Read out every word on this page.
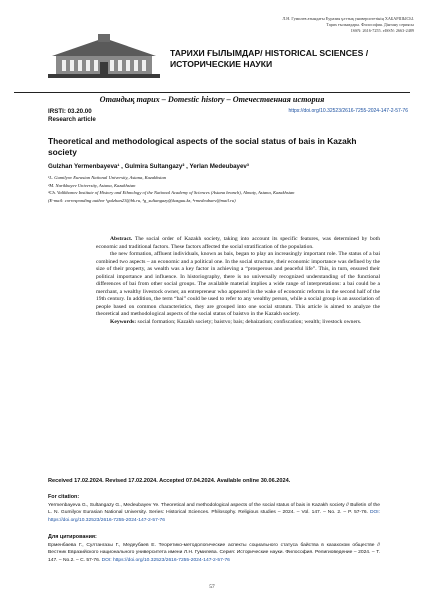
Л.Н. Гумилев атындағы Еуразия ұлттық университетінің ХАБАРШЫСЫ.
Тарих ғылымдары. Философия. Дінтану сериясы
ISSN: 2616-7255. eISSN: 2663-2489
ТАРИХИ ҒЫЛЫМДАР/ HISTORICAL SCIENCES / ИСТОРИЧЕСКИЕ НАУКИ
Отандық тарих – Domestic history – Отечественная история
IRSTI: 03.20.00	https://doi.org/10.32523/2616-7255-2024-147-2-57-76
Research article
Theoretical and methodological aspects of the social status of bais in Kazakh society
Gulzhan Yermenbayeva¹ , Gulmira Sultangazy² , Yerlan Medeubayev³
¹L. Gumilyov Eurasian National University, Astana, Kazakhstan
²M. Narikbayev University, Astana, Kazakhstan
³Ch. Valikhanov Institute of History and Ethnology of the National Academy of Sciences (Astana branch), Almaty, Astana, Kazakhstan
(E-mail: corresponding author ¹gulzhan23@bk.ru, ²g_sultangazy@kazguu.kz, ³rmedeubaev@mail.ru)

Abstract. The social order of Kazakh society, taking into account its specific features, was determined by both economic and traditional factors. These factors affected the social stratification of the population.

the new formation, affluent individuals, known as bais, began to play an increasingly important role. The status of a bai combined two aspects – an economic and a political one. In the social structure, their economic importance was defined by the size of their property, as wealth was a key factor in achieving a “prosperous and peaceful life”. This, in turn, ensured their political importance and influence. In historiography, there is no universally recognized understanding of the functional differences of bai from other social groups. The available material implies a wide range of interpretations: a bai could be a merchant, a wealthy livestock owner, an entrepreneur who appeared in the wake of economic reforms in the second half of the 19th century. In addition, the term “bai” could be used to refer to any wealthy person, while a social group is an association of people based on common characteristics, they are grouped into one social stratum. This article is aimed to analyze the theoretical and methodological aspects of the social status of baistvo in the Kazakh society.

Keywords: social formation; Kazakh society; baistvo; bais; debaization; confiscation; wealth; livestock owners.

Received 17.02.2024. Revised 17.02.2024. Accepted 07.04.2024. Available online 30.06.2024.
For citation:
Yermenbayeva G., Sultangazy G., Medeubayev Ye. Theoretical and methodological aspects of the social status of bais in Kazakh society // Bulletin of the L. N. Gumilyov Eurasian National University. Series: Historical Sciences. Philosophy. Religious studies – 2024. – Vol. 147. – No. 2. – P. 57-76. DOI: https://doi.org/10.32523/2616-7255-2024-147-2-57-76
Для цитирования:
Ерменбаева Г., Султангазы Г., Медеубаев Е. Теоретико-методологические аспекты социального статуса байства в казахском обществе // Вестник Евразийского национального университета имени Л.Н. Гумилева. Серия: Исторические науки. Философия. Религиоведение – 2024. – Т. 147. – No.2. – С. 57-76. DOI: https://doi.org/10.32523/2616-7255-2024-147-2-57-76
57
